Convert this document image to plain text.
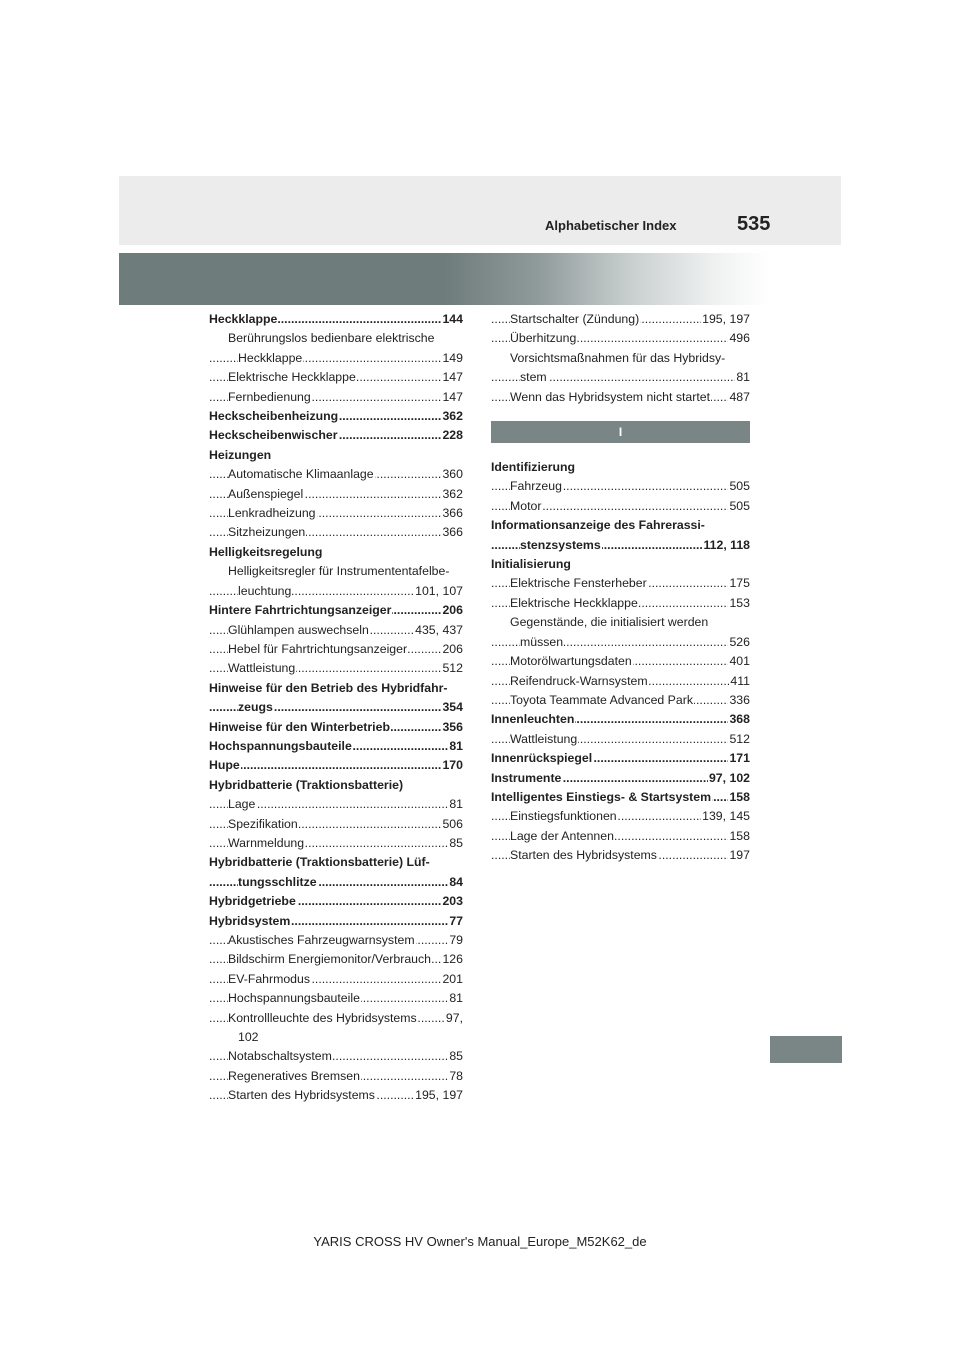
Alphabetischer Index	535
..... Heckklappe	144
Berührungslos bedienbare elektrische
..... Heckklappe	149
..... Elektrische Heckklappe	147
..... Fernbedienung	147
..... Heckscheibenheizung	362
..... Heckscheibenwischer	228
Heizungen
..... Automatische Klimaanlage	360
..... Außenspiegel	362
..... Lenkradheizung	366
..... Sitzheizungen	366
Helligkeitsregelung
Helligkeitsregler für Instrumententafelbe-
..... leuchtung	101, 107
..... Hintere Fahrtrichtungsanzeiger	206
..... Glühlampen auswechseln	435, 437
..... Hebel für Fahrtrichtungsanzeiger	206
..... Wattleistung	512
Hinweise für den Betrieb des Hybridfahr-
..... zeugs	354
..... Hinweise für den Winterbetrieb	356
..... Hochspannungsbauteile	81
..... Hupe	170
Hybridbatterie (Traktionsbatterie)
..... Lage	81
..... Spezifikation	506
..... Warnmeldung	85
Hybridbatterie (Traktionsbatterie) Lüf-
..... tungsschlitze	84
..... Hybridgetriebe	203
..... Hybridsystem	77
..... Akustisches Fahrzeugwarnsystem	79
..... Bildschirm Energiemonitor/Verbrauch 126
..... EV-Fahrmodus	201
..... Hochspannungsbauteile	81
..... Kontrollleuchte des Hybridsystems 97,
102
..... Notabschaltsystem	85
..... Regeneratives Bremsen	78
..... Starten des Hybridsystems	195, 197
..... Startschalter (Zündung)	195, 197
..... Überhitzung	496
Vorsichtsmaßnahmen für das Hybridsy-
..... stem	81
..... Wenn das Hybridsystem nicht startet 487
I
Identifizierung
..... Fahrzeug	505
..... Motor	505
Informationsanzeige des Fahrerassi-
..... stenzsystems	112, 118
Initialisierung
..... Elektrische Fensterheber	175
..... Elektrische Heckklappe	153
Gegenstände, die initialisiert werden
..... müssen	526
..... Motorölwartungsdaten	401
..... Reifendruck-Warnsystem	411
..... Toyota Teammate Advanced Park	336
..... Innenleuchten	368
..... Wattleistung	512
..... Innenrückspiegel	171
..... Instrumente	97, 102
..... Intelligentes Einstiegs- & Startsystem 158
..... Einstiegsfunktionen	139, 145
..... Lage der Antennen	158
..... Starten des Hybridsystems	197
YARIS CROSS HV Owner's Manual_Europe_M52K62_de
